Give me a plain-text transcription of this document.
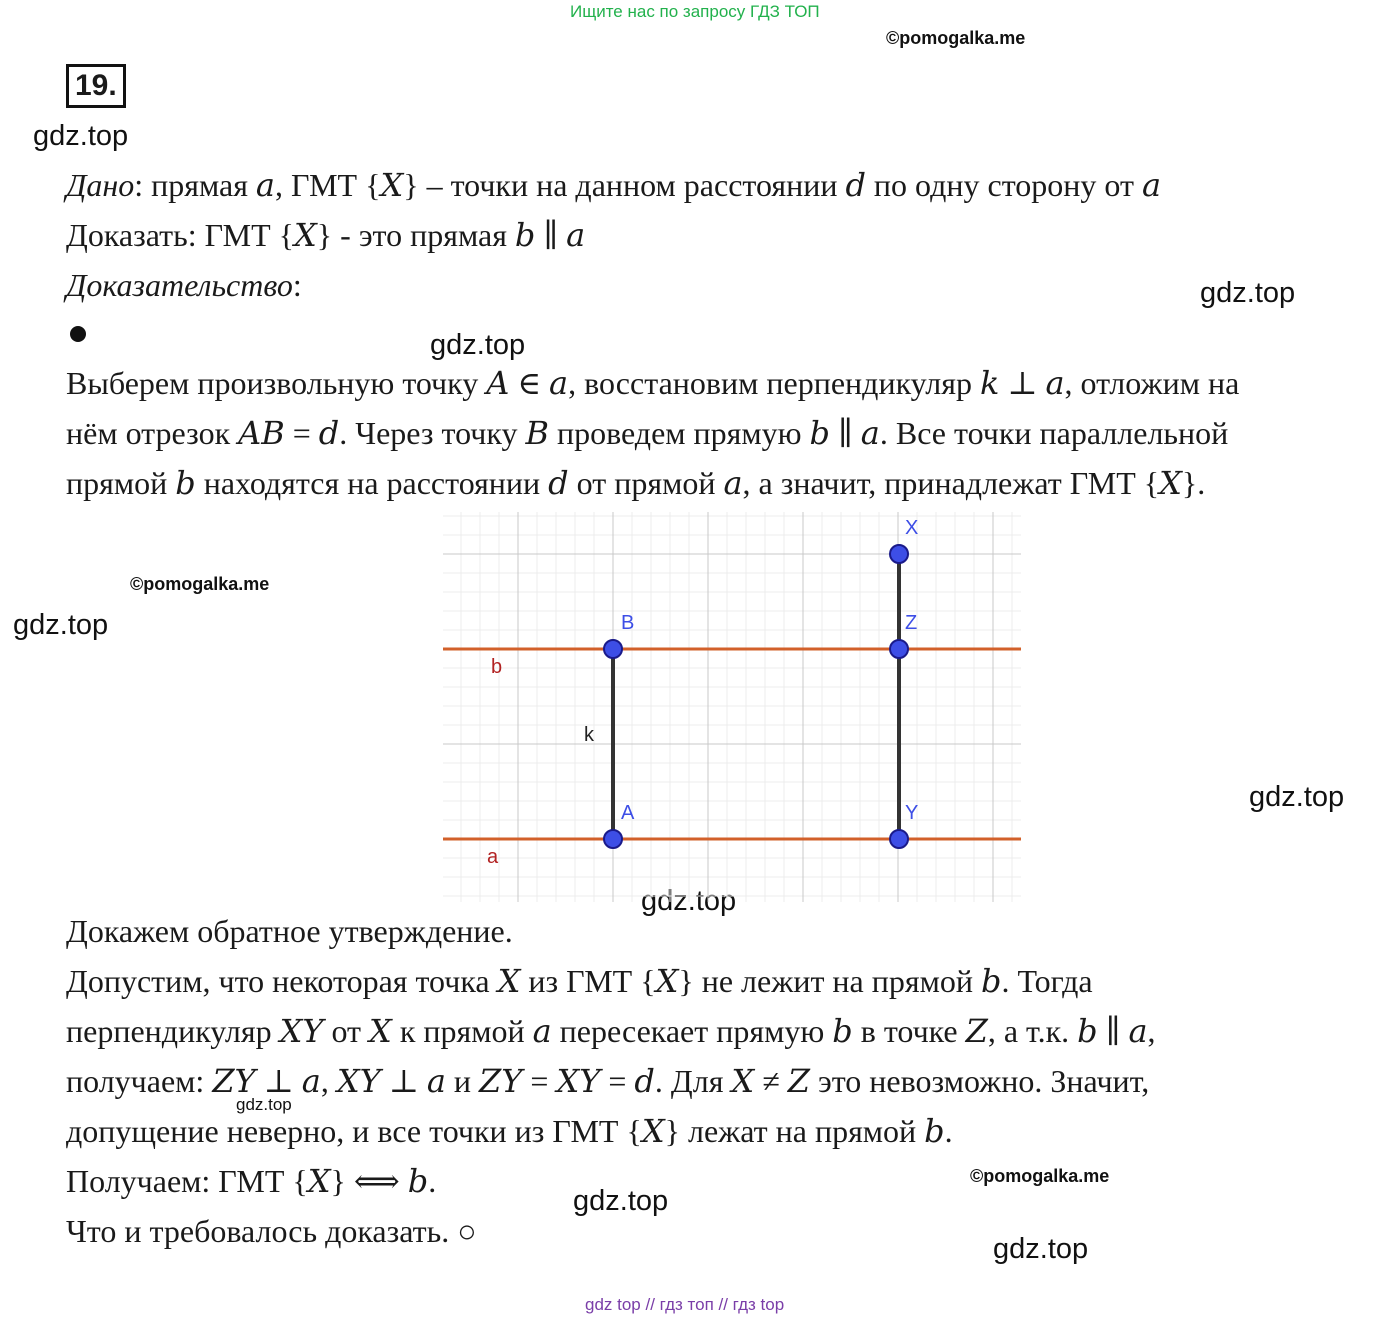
Ищите нас по запросу ГДЗ ТОП
©pomogalka.me
19.
gdz.top
gdz.top
gdz.top
©pomogalka.me
gdz.top
gdz.top
gdz.top
Дано: прямая 𝑎, ГМТ {𝑋} – точки на данном расстоянии 𝑑 по одну сторону от 𝑎
Доказать: ГМТ {𝑋} - это прямая 𝑏 ∥ 𝑎
Доказательство:
Выберем произвольную точку 𝐴 ∈ 𝑎, восстановим перпендикуляр 𝑘 ⊥ 𝑎, отложим на
нём отрезок 𝐴𝐵 = 𝑑. Через точку 𝐵 проведем прямую 𝑏 ∥ 𝑎. Все точки параллельной
прямой 𝑏 находятся на расстоянии 𝑑 от прямой 𝑎, а значит, принадлежат ГМТ {𝑋}.
B
A
X
Z
Y
b
a
k
Докажем обратное утверждение.
Допустим, что некоторая точка 𝑋 из ГМТ {𝑋} не лежит на прямой 𝑏. Тогда
перпендикуляр 𝑋𝑌 от 𝑋 к прямой 𝑎 пересекает прямую 𝑏 в точке 𝑍, а т.к. 𝑏 ∥ 𝑎,
получаем: 𝑍𝑌 ⊥ 𝑎, 𝑋𝑌 ⊥ 𝑎 и 𝑍𝑌 = 𝑋𝑌 = 𝑑. Для 𝑋 ≠ 𝑍 это невозможно. Значит,
gdz.top
допущение неверно, и все точки из ГМТ {𝑋} лежат на прямой 𝑏.
©pomogalka.me
Получаем: ГМТ {𝑋} ⟺ 𝑏.
gdz.top
Что и требовалось доказать. ○	gdz.top
gdz top // гдз топ // гдз top
